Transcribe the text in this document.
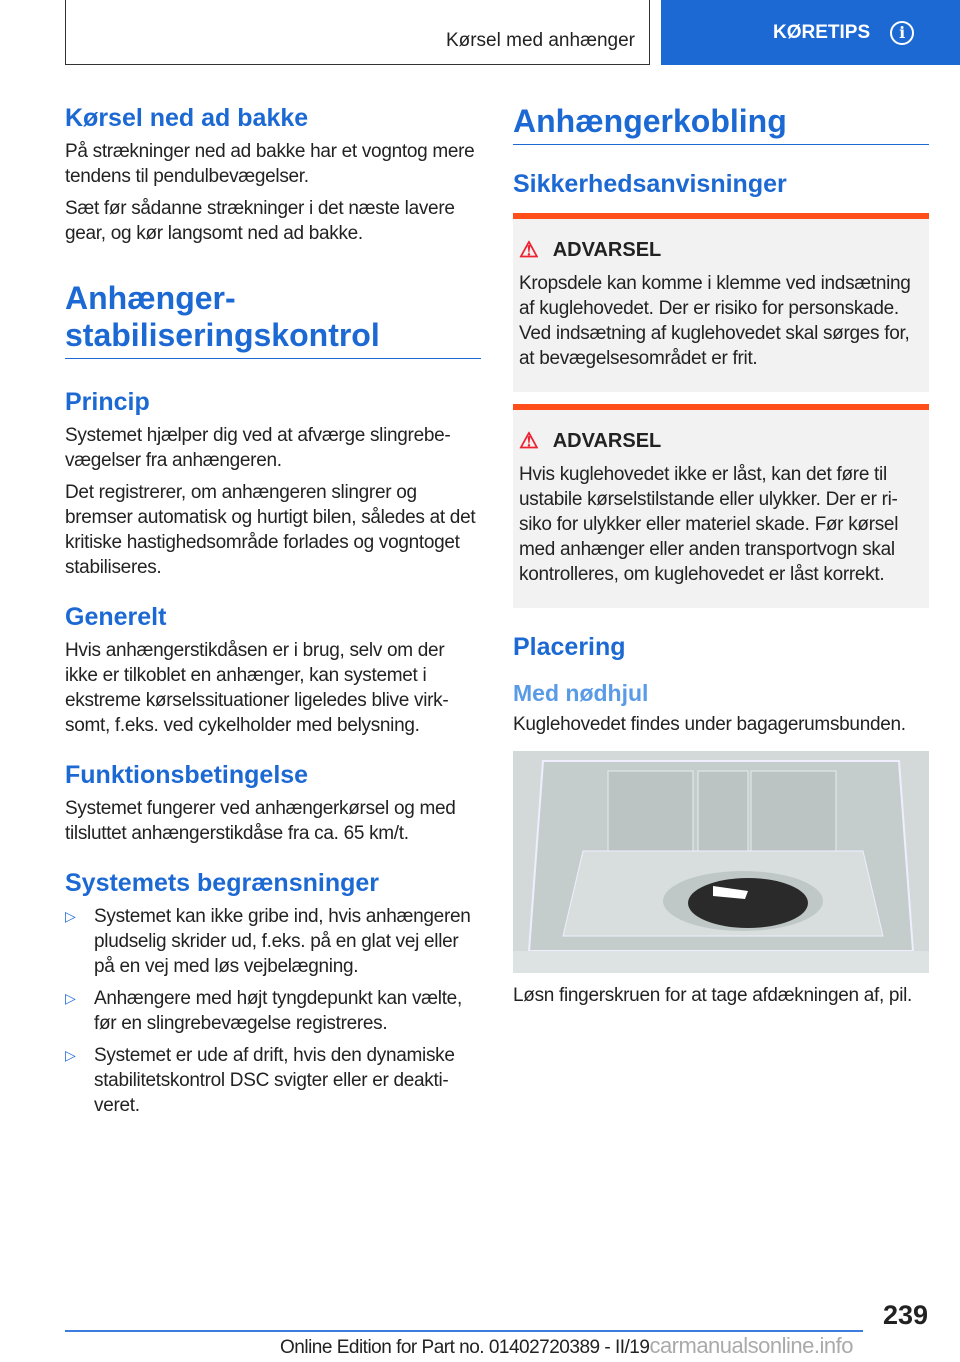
Kørsel med anhænger	KØRETIPS	i
Kørsel ned ad bakke

På strækninger ned ad bakke har et vogntog mere tendens til pendulbevægelser.

Sæt før sådanne strækninger i det næste lavere gear, og kør langsomt ned ad bakke.

Anhænger-stabiliseringskontrol
Princip

Systemet hjælper dig ved at afværge slingrebevægelser fra anhængeren.

Det registrerer, om anhængeren slingrer og bremser automatisk og hurtigt bilen, således at det kritiske hastighedsområde forlades og vogntoget stabiliseres.

Generelt

Hvis anhængerstikdåsen er i brug, selv om der ikke er tilkoblet en anhænger, kan systemet i ekstreme kørselssituationer ligeledes blive virksomt, f.eks. ved cykelholder med belysning.

Funktionsbetingelse

Systemet fungerer ved anhængerkørsel og med tilsluttet anhængerstikdåse fra ca. 65 km/t.

Systemets begrænsninger
▷ Systemet kan ikke gribe ind, hvis anhængeren pludselig skrider ud, f.eks. på en glat vej eller på en vej med løs vejbelægning.
▷ Anhængere med højt tyngdepunkt kan vælte, før en slingrebevægelse registreres.
▷ Systemet er ude af drift, hvis den dynamiske stabilitetskontrol DSC svigter eller er deaktiveret.
Anhængerkobling
Sikkerhedsanvisninger
⚠ ADVARSEL

Kropsdele kan komme i klemme ved indsætning af kuglehovedet. Der er risiko for personskade. Ved indsætning af kuglehovedet skal sørges for, at bevægelsesområdet er frit.

⚠ ADVARSEL

Hvis kuglehovedet ikke er låst, kan det føre til ustabile kørselstilstande eller ulykker. Der er risiko for ulykker eller materiel skade. Før kørsel med anhænger eller anden transportvogn skal kontrolleres, om kuglehovedet er låst korrekt.

Placering
Med nødhjul

Kuglehovedet findes under bagagerumsbunden.

Løsn fingerskruen for at tage afdækningen af, pil.

239
Online Edition for Part no. 01402720389 - II/19carmanualsonline.info
